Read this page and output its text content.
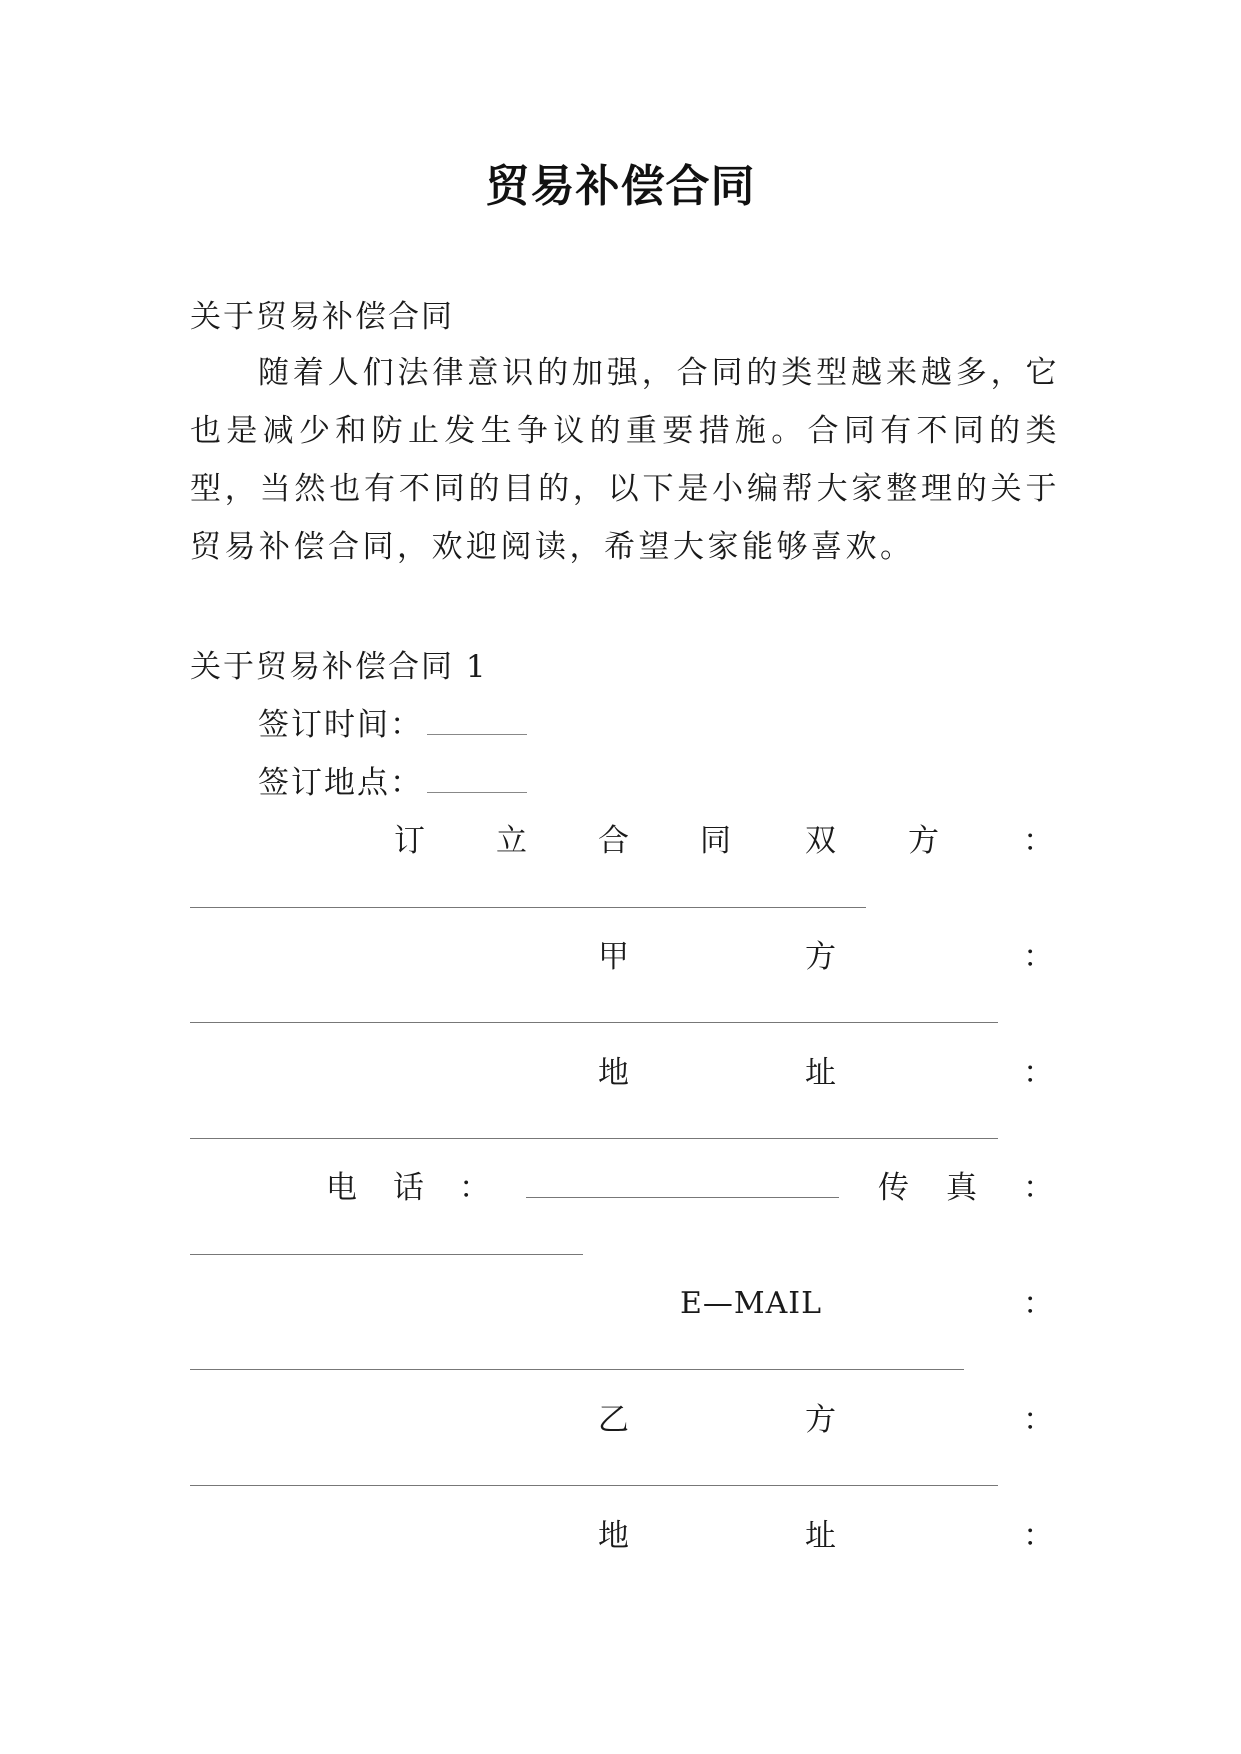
贸易补偿合同
关于贸易补偿合同
随着人们法律意识的加强，合同的类型越来越多，它也是减少和防止发生争议的重要措施。合同有不同的类型，当然也有不同的目的，以下是小编帮大家整理的关于贸易补偿合同，欢迎阅读，希望大家能够喜欢。
关于贸易补偿合同 1
签订时间：
签订地点：
订 立 合 同 双 方	：
甲	方	：
地	址	：
电 话 ：	传 真 ：
E—MAIL	：
乙	方	：
地	址	：
